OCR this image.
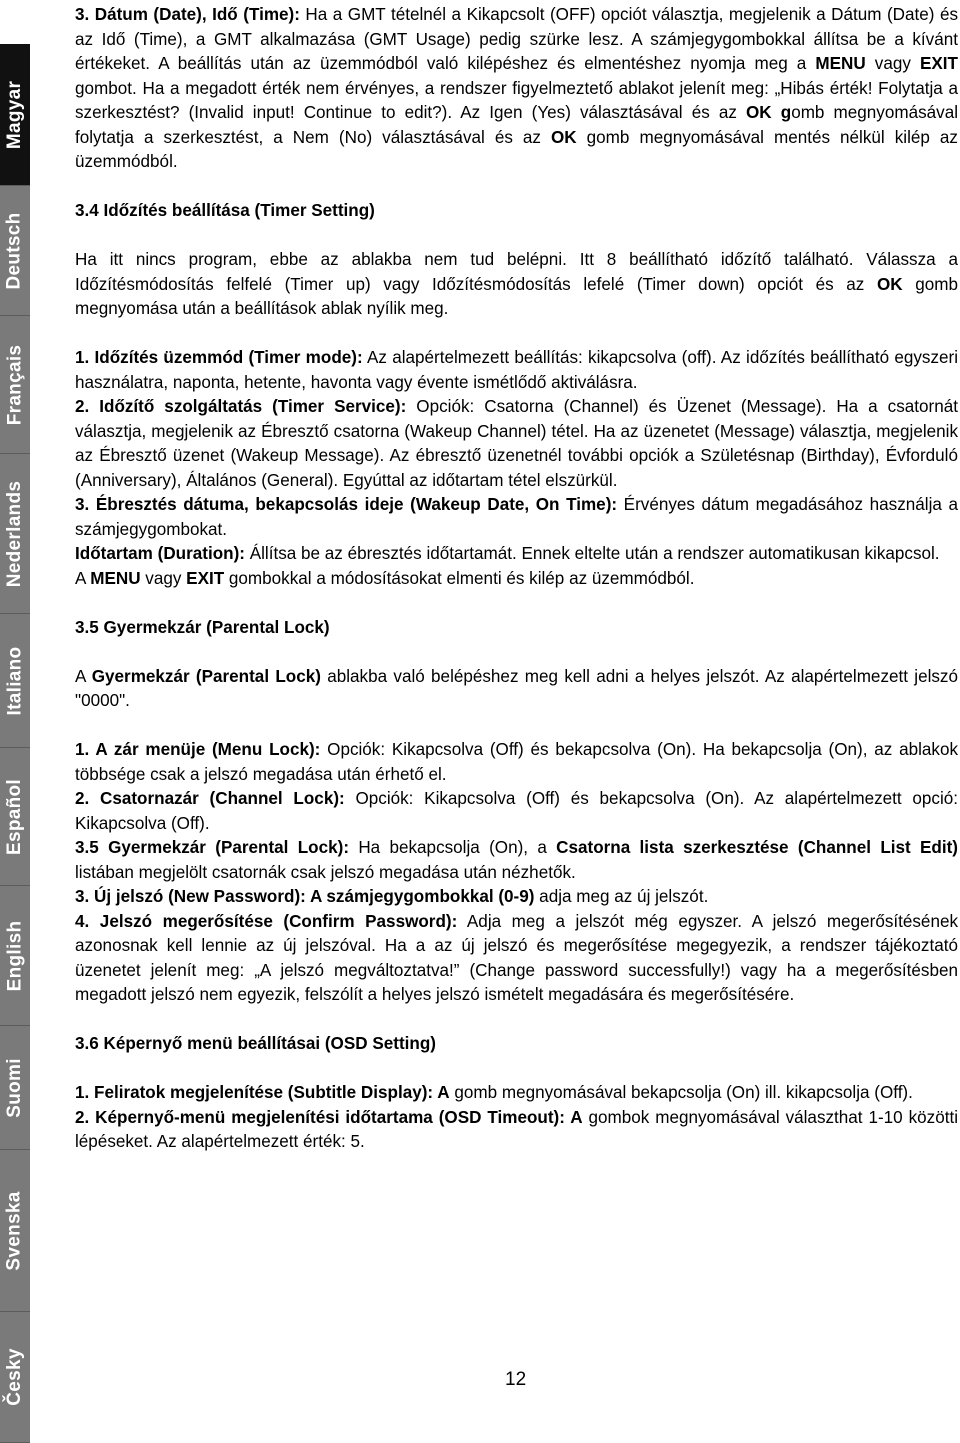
Magyar
Deutsch
Français
Nederlands
Italiano
Español
English
Suomi
Svenska
Česky

3. Dátum (Date), Idő (Time): Ha a GMT tételnél a Kikapcsolt (OFF) opciót választja, megjelenik a Dátum (Date) és az Idő (Time), a GMT alkalmazása (GMT Usage) pedig szürke lesz. A számjegygombokkal állítsa be a kívánt értékeket. A beállítás után az üzemmódból való kilépéshez és elmentéshez nyomja meg a MENU vagy EXIT gombot. Ha a megadott érték nem érvényes, a rendszer figyelmeztető ablakot jelenít meg: „Hibás érték! Folytatja a szerkesztést? (Invalid input! Continue to edit?). Az Igen (Yes) választásával és az OK gomb megnyomásával folytatja a szerkesztést, a Nem (No) választásával és az OK gomb megnyomásával mentés nélkül kilép az üzemmódból.

3.4 Időzítés beállítása (Timer Setting)

Ha itt nincs program, ebbe az ablakba nem tud belépni. Itt 8 beállítható időzítő található. Válassza a Időzítésmódosítás felfelé (Timer up) vagy Időzítésmódosítás lefelé (Timer down) opciót és az OK gomb megnyomása után a beállítások ablak nyílik meg.

1. Időzítés üzemmód (Timer mode): Az alapértelmezett beállítás: kikapcsolva (off). Az időzítés beállítható egyszeri használatra, naponta, hetente, havonta vagy évente ismétlődő aktiválásra.

2. Időzítő szolgáltatás (Timer Service): Opciók: Csatorna (Channel) és Üzenet (Message). Ha a csatornát választja, megjelenik az Ébresztő csatorna (Wakeup Channel) tétel. Ha az üzenetet (Message) választja, megjelenik az Ébresztő üzenet (Wakeup Message). Az ébresztő üzenetnél további opciók a Születésnap (Birthday), Évforduló (Anniversary), Általános (General). Egyúttal az időtartam tétel elszürkül.

3. Ébresztés dátuma, bekapcsolás ideje (Wakeup Date, On Time): Érvényes dátum megadásához használja a számjegygombokat.

Időtartam (Duration): Állítsa be az ébresztés időtartamát. Ennek eltelte után a rendszer automatikusan kikapcsol.

A MENU vagy EXIT gombokkal a módosításokat elmenti és kilép az üzemmódból.

3.5 Gyermekzár (Parental Lock)

A Gyermekzár (Parental Lock) ablakba való belépéshez meg kell adni a helyes jelszót. Az alapértelmezett jelszó "0000".

1. A zár menüje (Menu Lock): Opciók: Kikapcsolva (Off) és bekapcsolva (On). Ha bekapcsolja (On), az ablakok többsége csak a jelszó megadása után érhető el.

2. Csatornazár (Channel Lock): Opciók: Kikapcsolva (Off) és bekapcsolva (On). Az alapértelmezett opció: Kikapcsolva (Off).

3.5 Gyermekzár (Parental Lock): Ha bekapcsolja (On), a Csatorna lista szerkesztése (Channel List Edit) listában megjelölt csatornák csak jelszó megadása után nézhetők.

3. Új jelszó (New Password): A számjegygombokkal (0-9) adja meg az új jelszót.

4. Jelszó megerősítése (Confirm Password): Adja meg a jelszót még egyszer. A jelszó megerősítésének azonosnak kell lennie az új jelszóval. Ha a az új jelszó és megerősítése megegyezik, a rendszer tájékoztató üzenetet jelenít meg: „A jelszó megváltoztatva!” (Change password successfully!) vagy ha a megerősítésben megadott jelszó nem egyezik, felszólít a helyes jelszó ismételt megadására és megerősítésére.

3.6 Képernyő menü beállításai (OSD Setting)

1. Feliratok megjelenítése (Subtitle Display): A gomb megnyomásával bekapcsolja (On) ill. kikapcsolja (Off).

2. Képernyő-menü megjelenítési időtartama (OSD Timeout): A gombok megnyomásával választhat 1-10 közötti lépéseket. Az alapértelmezett érték: 5.

12
